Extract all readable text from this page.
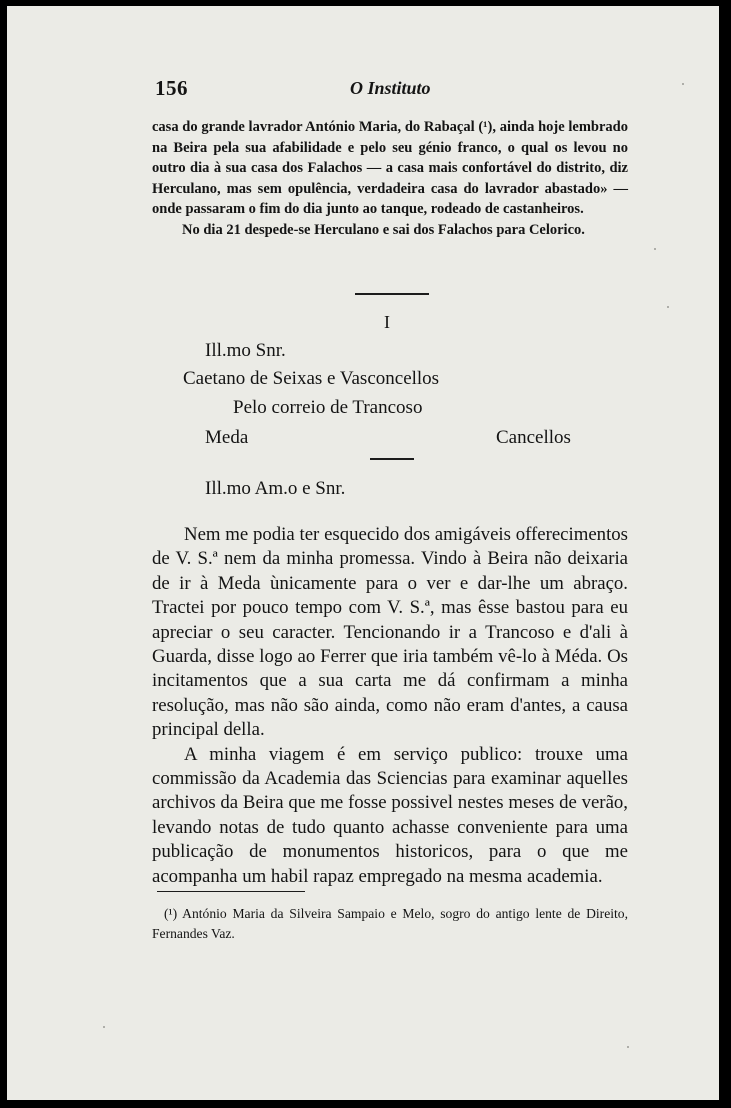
156	O Instituto

casa do grande lavrador António Maria, do Rabaçal (¹), ainda hoje lembrado na Beira pela sua afabilidade e pelo seu génio franco, o qual os levou no outro dia à sua casa dos Falachos — a casa mais confortável do distrito, diz Herculano, mas sem opulência, verdadeira casa do lavrador abastado» — onde passaram o fim do dia junto ao tanque, rodeado de castanheiros.

No dia 21 despede-se Herculano e sai dos Falachos para Celorico.

I
Ill.mo Snr.
Caetano de Seixas e Vasconcellos
Pelo correio de Trancoso
Meda	Cancellos
Ill.mo Am.o e Snr.

Nem me podia ter esquecido dos amigáveis offerecimentos de V. S.ª nem da minha promessa. Vindo à Beira não deixaria de ir à Meda ùnicamente para o ver e dar-lhe um abraço. Tractei por pouco tempo com V. S.ª, mas êsse bastou para eu apreciar o seu caracter. Tencionando ir a Trancoso e d'ali à Guarda, disse logo ao Ferrer que iria também vê-lo à Méda. Os incitamentos que a sua carta me dá confirmam a minha resolução, mas não são ainda, como não eram d'antes, a causa principal della.

A minha viagem é em serviço publico: trouxe uma commissão da Academia das Sciencias para examinar aquelles archivos da Beira que me fosse possivel nestes meses de verão, levando notas de tudo quanto achasse conveniente para uma publicação de monumentos historicos, para o que me acompanha um habil rapaz empregado na mesma academia.

(¹) António Maria da Silveira Sampaio e Melo, sogro do antigo lente de Direito, Fernandes Vaz.
